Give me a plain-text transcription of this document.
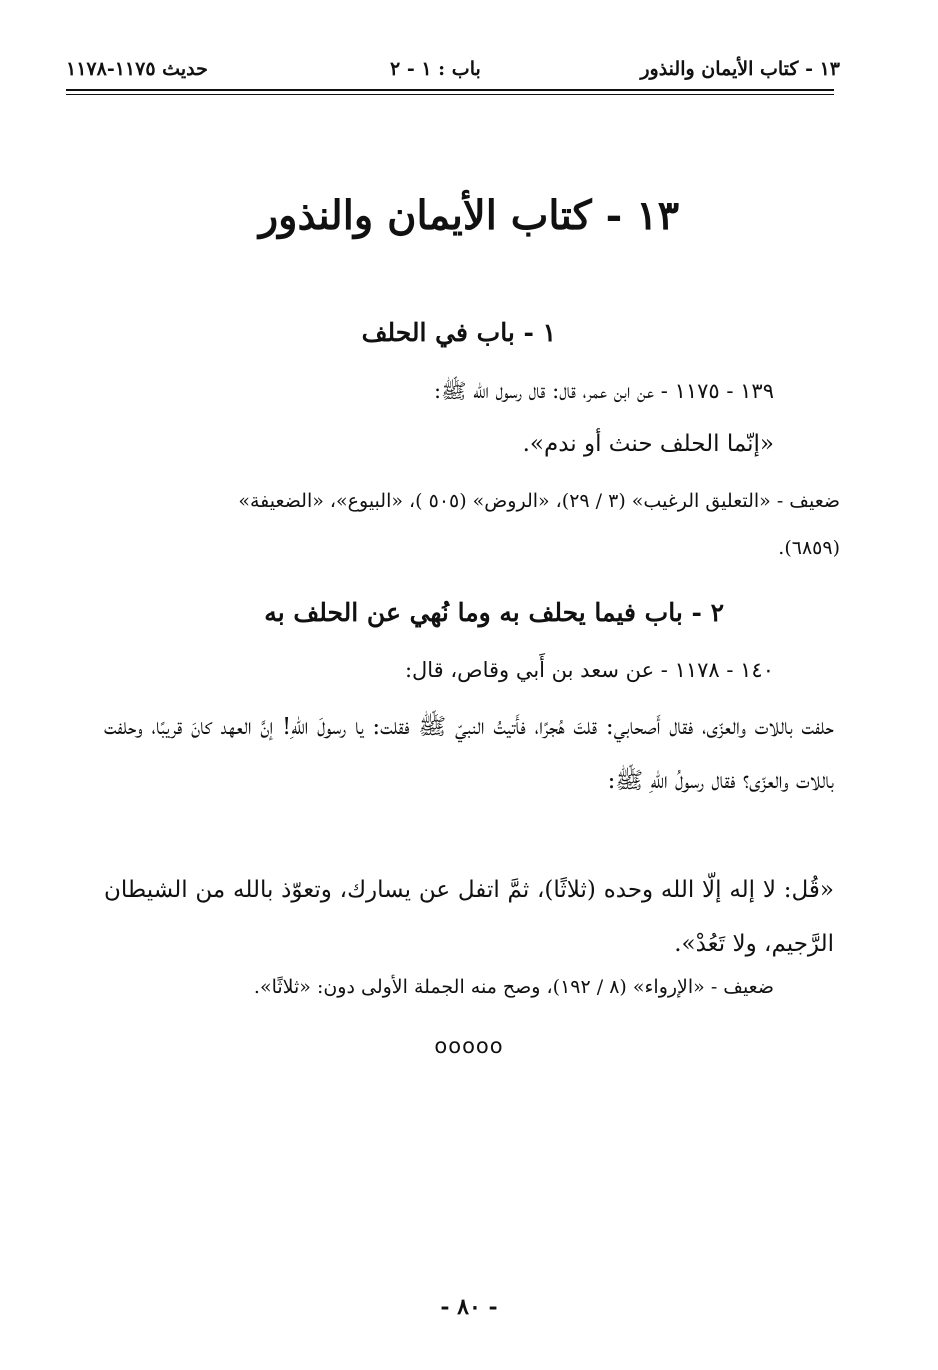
١٣ - كتاب الأيمان والنذور
باب : ١ - ٢
حديث ١١٧٥-١١٧٨
١٣ - كتاب الأيمان والنذور
١ - باب في الحلف
١٣٩ - ١١٧٥ - عن ابن عمر، قال: قال رسول الله ﷺ:
«إنّما الحلف حنث أو ندم».
ضعيف - «التعليق الرغيب» (٣ / ٢٩)، «الروض» (٥٠٥ )، «البيوع»، «الضعيفة»
(٦٨٥٩).
٢ - باب فيما يحلف به وما نُهي عن الحلف به
١٤٠ - ١١٧٨ - عن سعد بن أَبي وقاص، قال:
حلفت باللات والعزّى، فقال أَصحابي: قلتَ هُجرًا، فأَتيتُ النبيّ ﷺ فقلت: يا رسولَ اللهِ! إنَّ العهد كانَ قريبًا، وحلفت باللات والعزّى؟ فقال رسولُ اللهِ ﷺ:
«قُل: لا إله إلّا الله وحده (ثلاثًا)، ثمَّ اتفل عن يسارك، وتعوّذ بالله من الشيطان الرَّجيم، ولا تَعُدْ».
ضعيف - «الإرواء» (٨ / ١٩٢)، وصح منه الجملة الأولى دون: «ثلاثًا».
ooooo
- ٨٠ -
